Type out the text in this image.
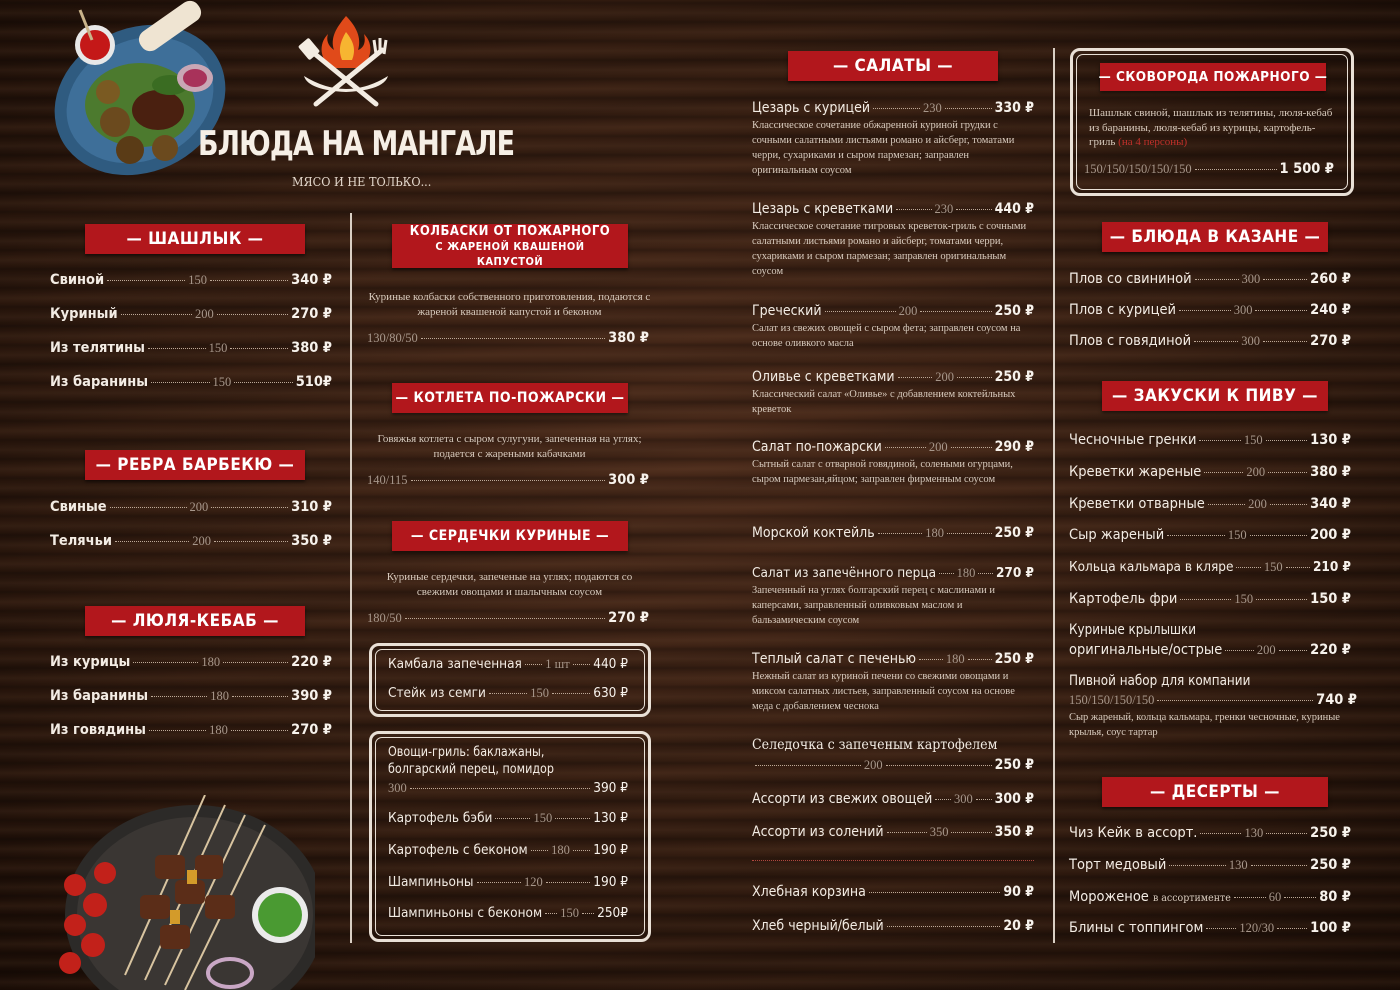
БЛЮДА НА МАНГАЛЕ
МЯСО И НЕ ТОЛЬКО...
— ШАШЛЫК —
Свиной	150	340 ₽
Куриный	200	270 ₽
Из телятины	150	380 ₽
Из баранины	150	510₽
— РЕБРА БАРБЕКЮ —
Свиные	200	310 ₽
Телячьи	200	350 ₽
— ЛЮЛЯ-КЕБАБ —
Из курицы	180	220 ₽
Из баранины	180	390 ₽
Из говядины	180	270 ₽
КОЛБАСКИ ОТ ПОЖАРНОГО
С ЖАРЕНОЙ КВАШЕНОЙ КАПУСТОЙ
Куриные колбаски собственного приготовления, подаются с жареной квашеной капустой и беконом
130/80/50	380 ₽
— КОТЛЕТА ПО-ПОЖАРСКИ —
Говяжья котлета с сыром сулугуни, запеченная на углях; подается с жареными кабачками
140/115	300 ₽
— СЕРДЕЧКИ КУРИНЫЕ —
Куриные сердечки, запеченые на углях; подаются со свежими овощами и шалычным соусом
180/50	270 ₽
Камбала запеченная 1 шт 440 ₽
Стейк из семги	150	630 ₽
Овощи-гриль: баклажаны,
болгарский перец, помидор
300	390 ₽
Картофель бэби	150	130 ₽
Картофель с беконом 180 190 ₽
Шампиньоны	120	190 ₽
Шампиньоны с беконом 150 250₽
— САЛАТЫ —
Цезарь с курицей	230	330 ₽
Классическое сочетание обжаренной куриной грудки с сочными салатными листьями романо и айсберг, томатами черри, сухариками и сыром пармезан; заправлен оригинальным соусом
Цезарь с креветками	230	440 ₽
Классическое сочетание тигровых креветок-гриль с сочными салатными листьями романо и айсберг, томатами черри, сухариками и сыром пармезан; заправлен оригинальным соусом
Греческий	200	250 ₽
Салат из свежих овощей с сыром фета; заправлен соусом на основе оливкого масла
Оливье с креветками	200	250 ₽
Классический салат «Оливье» с добавлением коктейльных креветок
Салат по-пожарски	200	290 ₽
Сытный салат с отварной говядиной, солеными огурцами, сыром пармезан,яйцом; заправлен фирменным соусом
Морской коктейль	180	250 ₽
Салат из запечённого перца 180 270 ₽
Запеченный на углях болгарский перец с маслинами и каперсами, заправленный оливковым маслом и бальзамическим соусом
Теплый салат с печенью 180 250 ₽
Нежный салат из куриной печени со свежими овощами и миксом салатных листьев, заправленный соусом на основе меда с добавлением чеснока
Селедочка с запеченым картофелем
200	250 ₽
Ассорти из свежих овощей 300 300 ₽
Ассорти из солений	350	350 ₽
Хлебная корзина	90 ₽
Хлеб черный/белый	20 ₽
— СКОВОРОДА ПОЖАРНОГО —
Шашлык свиной, шашлык из телятины, люля-кебаб из баранины, люля-кебаб из курицы, картофель-гриль (на 4 персоны)
150/150/150/150/150	1 500 ₽
— БЛЮДА В КАЗАНЕ —
Плов со свининой	300	260 ₽
Плов с курицей	300	240 ₽
Плов с говядиной	300	270 ₽
— ЗАКУСКИ К ПИВУ —
Чесночные гренки	150	130 ₽
Креветки жареные	200	380 ₽
Креветки отварные	200	340 ₽
Сыр жареный	150	200 ₽
Кольца кальмара в кляре 150 210 ₽
Картофель фри	150	150 ₽
Куриные крылышки
оригинальные/острые	200 220 ₽
Пивной набор для компании
150/150/150/150	740 ₽
Сыр жареный, кольца кальмара, гренки чесночные, куриные крылья, соус тартар
— ДЕСЕРТЫ —
Чиз Кейк в ассорт.	130	250 ₽
Торт медовый	130	250 ₽
Мороженое
в ассортименте	60	80 ₽
Блины с топпингом	120/30 100 ₽
